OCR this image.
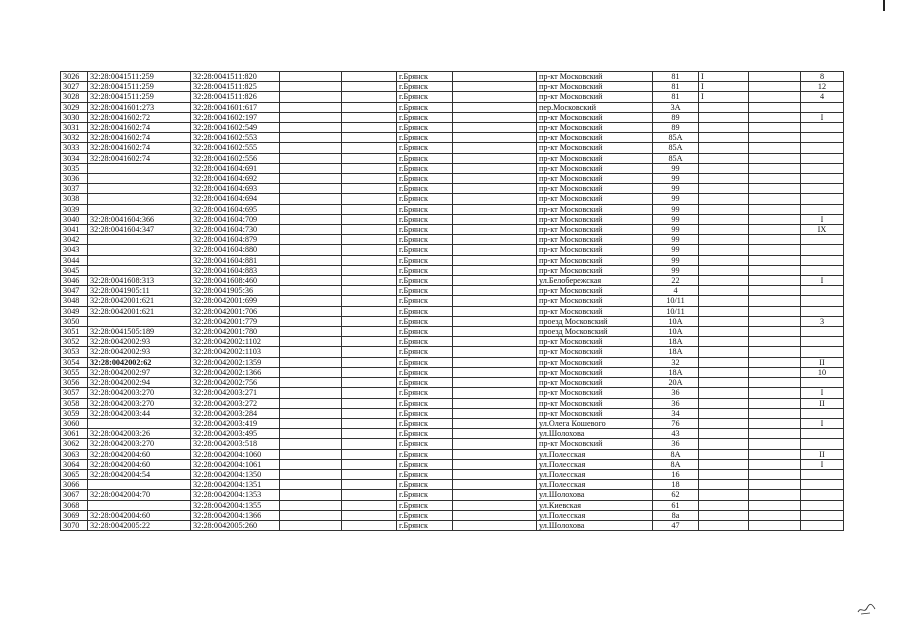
3026	32:28:0041511:259	32:28:0041511:820			г.Брянск		пр-кт Московский	81	I		8
3027	32:28:0041511:259	32:28:0041511:825			г.Брянск		пр-кт Московский	81	I		12
3028	32:28:0041511:259	32:28:0041511:826			г.Брянск		пр-кт Московский	81	I		4
3029	32:28:0041601:273	32:28:0041601:617			г.Брянск		пер.Московский	3А			
3030	32:28:0041602:72	32:28:0041602:197			г.Брянск		пр-кт Московский	89			I
3031	32:28:0041602:74	32:28:0041602:549			г.Брянск		пр-кт Московский	89			
3032	32:28:0041602:74	32:28:0041602:553			г.Брянск		пр-кт Московский	85А			
3033	32:28:0041602:74	32:28:0041602:555			г.Брянск		пр-кт Московский	85А			
3034	32:28:0041602:74	32:28:0041602:556			г.Брянск		пр-кт Московский	85А			
3035		32:28:0041604:691			г.Брянск		пр-кт Московский	99			
3036		32:28:0041604:692			г.Брянск		пр-кт Московский	99			
3037		32:28:0041604:693			г.Брянск		пр-кт Московский	99			
3038		32:28:0041604:694			г.Брянск		пр-кт Московский	99			
3039		32:28:0041604:695			г.Брянск		пр-кт Московский	99			
3040	32:28:0041604:366	32:28:0041604:709			г.Брянск		пр-кт Московский	99			I
3041	32:28:0041604:347	32:28:0041604:730			г.Брянск		пр-кт Московский	99			IX
3042		32:28:0041604:879			г.Брянск		пр-кт Московский	99			
3043		32:28:0041604:880			г.Брянск		пр-кт Московский	99			
3044		32:28:0041604:881			г.Брянск		пр-кт Московский	99			
3045		32:28:0041604:883			г.Брянск		пр-кт Московский	99			
3046	32:28:0041608:313	32:28:0041608:460			г.Брянск		ул.Белобережская	22			I
3047	32:28:0041905:11	32:28:0041905:36			г.Брянск		пр-кт Московский	4			
3048	32:28:0042001:621	32:28:0042001:699			г.Брянск		пр-кт Московский	10/11			
3049	32:28:0042001:621	32:28:0042001:706			г.Брянск		пр-кт Московский	10/11			
3050		32:28:0042001:779			г.Брянск		проезд Московский	10А			3
3051	32:28:0041505:189	32:28:0042001:780			г.Брянск		проезд Московский	10А			
3052	32:28:0042002:93	32:28:0042002:1102			г.Брянск		пр-кт Московский	18А			
3053	32:28:0042002:93	32:28:0042002:1103			г.Брянск		пр-кт Московский	18А			
3054	32:28:0042002:62	32:28:0042002:1359			г.Брянск		пр-кт Московский	32			II
3055	32:28:0042002:97	32:28:0042002:1366			г.Брянск		пр-кт Московский	18А			10
3056	32:28:0042002:94	32:28:0042002:756			г.Брянск		пр-кт Московский	20А			
3057	32:28:0042003:270	32:28:0042003:271			г.Брянск		пр-кт Московский	36			I
3058	32:28:0042003:270	32:28:0042003:272			г.Брянск		пр-кт Московский	36			II
3059	32:28:0042003:44	32:28:0042003:284			г.Брянск		пр-кт Московский	34			
3060		32:28:0042003:419			г.Брянск		ул.Олега Кошевого	76			I
3061	32:28:0042003:26	32:28:0042003:495			г.Брянск		ул.Шолохова	43			
3062	32:28:0042003:270	32:28:0042003:518			г.Брянск		пр-кт Московский	36			
3063	32:28:0042004:60	32:28:0042004:1060			г.Брянск		ул.Полесская	8А			II
3064	32:28:0042004:60	32:28:0042004:1061			г.Брянск		ул.Полесская	8А			I
3065	32:28:0042004:54	32:28:0042004:1350			г.Брянск		ул.Полесская	16			
3066		32:28:0042004:1351			г.Брянск		ул.Полесская	18			
3067	32:28:0042004:70	32:28:0042004:1353			г.Брянск		ул.Шолохова	62			
3068		32:28:0042004:1355			г.Брянск		ул.Киевская	61			
3069	32:28:0042004:60	32:28:0042004:1366			г.Брянск		ул.Полесская	8а			
3070	32:28:0042005:22	32:28:0042005:260			г.Брянск		ул.Шолохова	47			
